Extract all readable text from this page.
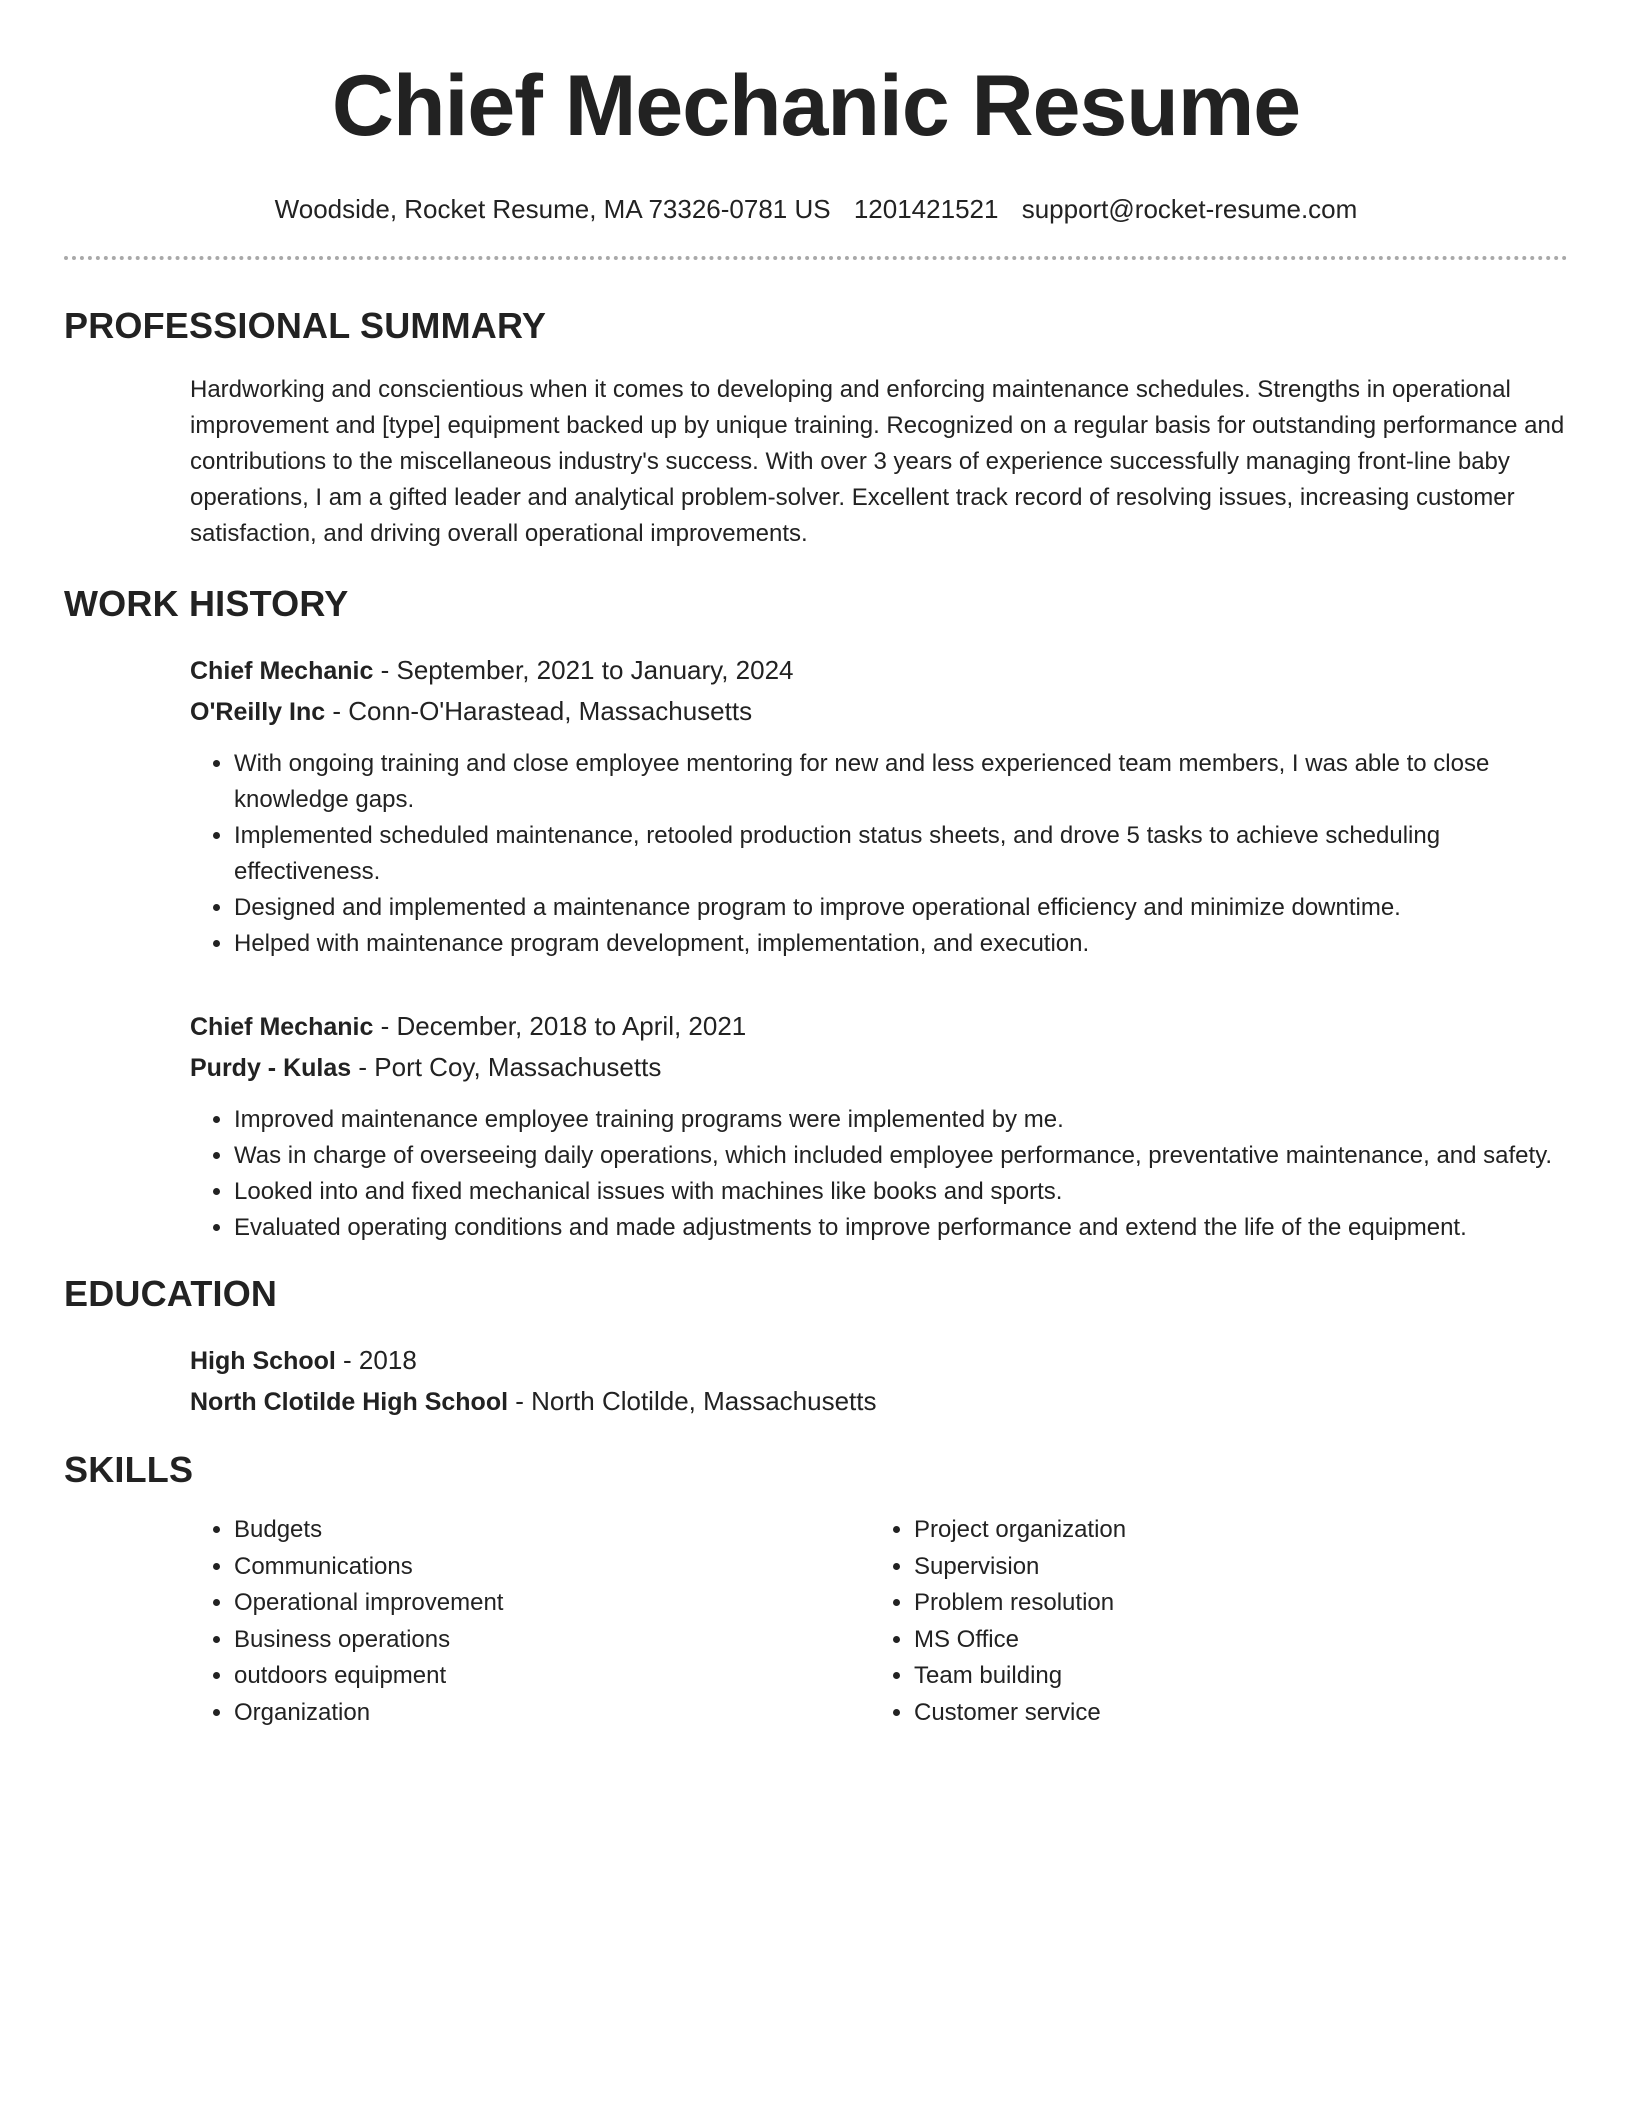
Chief Mechanic Resume
Woodside, Rocket Resume, MA 73326-0781 US 1201421521 support@rocket-resume.com
PROFESSIONAL SUMMARY
Hardworking and conscientious when it comes to developing and enforcing maintenance schedules. Strengths in operational improvement and [type] equipment backed up by unique training. Recognized on a regular basis for outstanding performance and contributions to the miscellaneous industry's success. With over 3 years of experience successfully managing front-line baby operations, I am a gifted leader and analytical problem-solver. Excellent track record of resolving issues, increasing customer satisfaction, and driving overall operational improvements.
WORK HISTORY
Chief Mechanic - September, 2021 to January, 2024
O'Reilly Inc - Conn-O'Harastead, Massachusetts
• With ongoing training and close employee mentoring for new and less experienced team members, I was able to close knowledge gaps.
• Implemented scheduled maintenance, retooled production status sheets, and drove 5 tasks to achieve scheduling effectiveness.
• Designed and implemented a maintenance program to improve operational efficiency and minimize downtime.
• Helped with maintenance program development, implementation, and execution.
Chief Mechanic - December, 2018 to April, 2021
Purdy - Kulas - Port Coy, Massachusetts
• Improved maintenance employee training programs were implemented by me.
• Was in charge of overseeing daily operations, which included employee performance, preventative maintenance, and safety.
• Looked into and fixed mechanical issues with machines like books and sports.
• Evaluated operating conditions and made adjustments to improve performance and extend the life of the equipment.
EDUCATION
High School - 2018
North Clotilde High School - North Clotilde, Massachusetts
SKILLS
• Budgets
• Communications
• Operational improvement
• Business operations
• outdoors equipment
• Organization
• Project organization
• Supervision
• Problem resolution
• MS Office
• Team building
• Customer service
